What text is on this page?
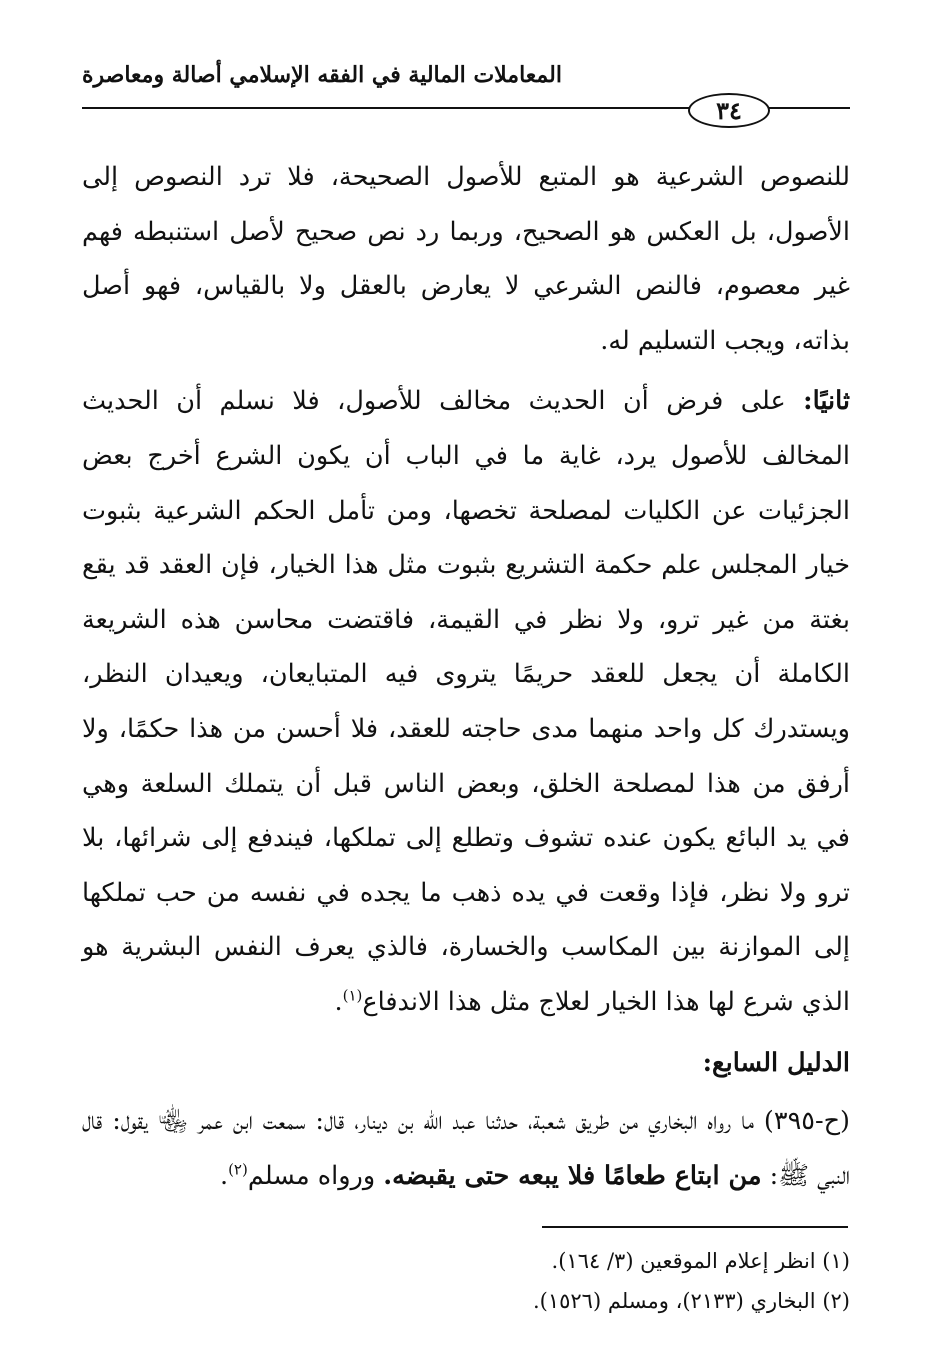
المعاملات المالية في الفقه الإسلامي أصالة ومعاصرة
٣٤

للنصوص الشرعية هو المتبع للأصول الصحيحة، فلا ترد النصوص إلى الأصول، بل العكس هو الصحيح، وربما رد نص صحيح لأصل استنبطه فهم غير معصوم، فالنص الشرعي لا يعارض بالعقل ولا بالقياس، فهو أصل بذاته، ويجب التسليم له.

ثانيًا: على فرض أن الحديث مخالف للأصول، فلا نسلم أن الحديث المخالف للأصول يرد، غاية ما في الباب أن يكون الشرع أخرج بعض الجزئيات عن الكليات لمصلحة تخصها، ومن تأمل الحكم الشرعية بثبوت خيار المجلس علم حكمة التشريع بثبوت مثل هذا الخيار، فإن العقد قد يقع بغتة من غير ترو، ولا نظر في القيمة، فاقتضت محاسن هذه الشريعة الكاملة أن يجعل للعقد حريمًا يتروى فيه المتبايعان، ويعيدان النظر، ويستدرك كل واحد منهما مدى حاجته للعقد، فلا أحسن من هذا حكمًا، ولا أرفق من هذا لمصلحة الخلق، وبعض الناس قبل أن يتملك السلعة وهي في يد البائع يكون عنده تشوف وتطلع إلى تملكها، فيندفع إلى شرائها، بلا ترو ولا نظر، فإذا وقعت في يده ذهب ما يجده في نفسه من حب تملكها إلى الموازنة بين المكاسب والخسارة، فالذي يعرف النفس البشرية هو الذي شرع لها هذا الخيار لعلاج مثل هذا الاندفاع$^{(١)}$.

الدليل السابع:

(ح-٣٩٥) ما رواه البخاري من طريق شعبة، حدثنا عبد الله بن دينار، قال: سمعت ابن عمر ﵄ يقول: قال النبي ﷺ: من ابتاع طعامًا فلا يبعه حتى يقبضه. ورواه مسلم$^{(٢)}$.

(١) انظر إعلام الموقعين (٣/ ١٦٤).

(٢) البخاري (٢١٣٣)، ومسلم (١٥٢٦).
